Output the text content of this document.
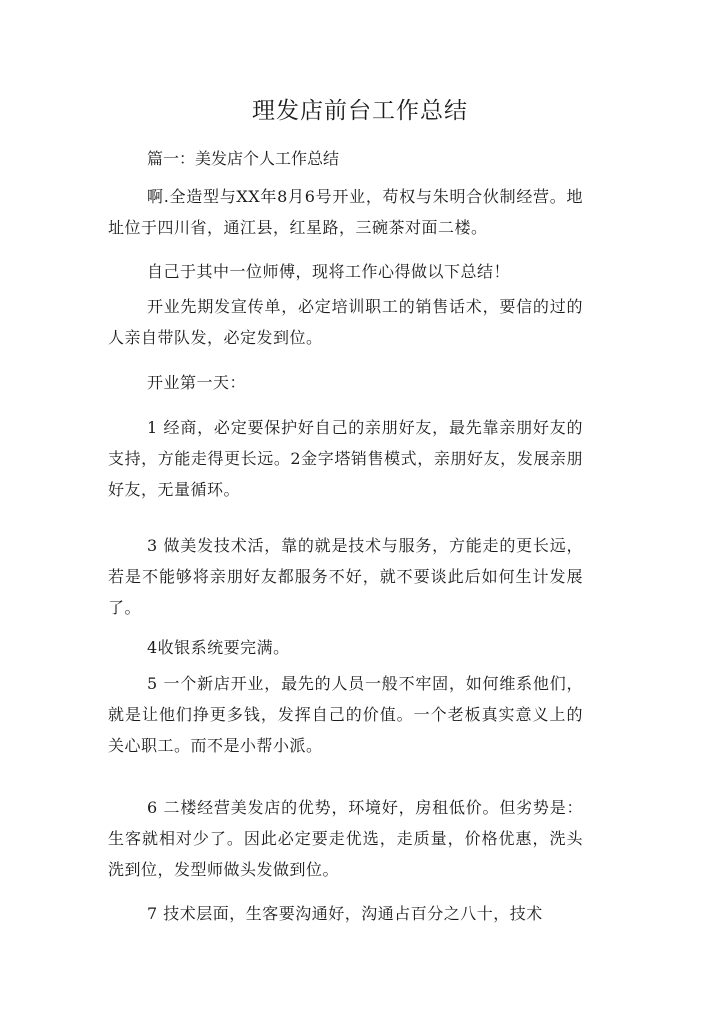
理发店前台工作总结
篇一：美发店个人工作总结

啊.全造型与XX年8月6号开业，苟权与朱明合伙制经营。地址位于四川省，通江县，红星路，三碗茶对面二楼。

自己于其中一位师傅，现将工作心得做以下总结！

开业先期发宣传单，必定培训职工的销售话术，要信的过的人亲自带队发，必定发到位。

开业第一天：

1 经商，必定要保护好自己的亲朋好友，最先靠亲朋好友的支持，方能走得更长远。2金字塔销售模式，亲朋好友，发展亲朋好友，无量循环。

3 做美发技术活，靠的就是技术与服务，方能走的更长远，若是不能够将亲朋好友都服务不好，就不要谈此后如何生计发展了。

4收银系统要完满。

5 一个新店开业，最先的人员一般不牢固，如何维系他们，就是让他们挣更多钱，发挥自己的价值。一个老板真实意义上的关心职工。而不是小帮小派。

6 二楼经营美发店的优势，环境好，房租低价。但劣势是：生客就相对少了。因此必定要走优选，走质量，价格优惠，洗头洗到位，发型师做头发做到位。

7 技术层面，生客要沟通好，沟通占百分之八十，技术
